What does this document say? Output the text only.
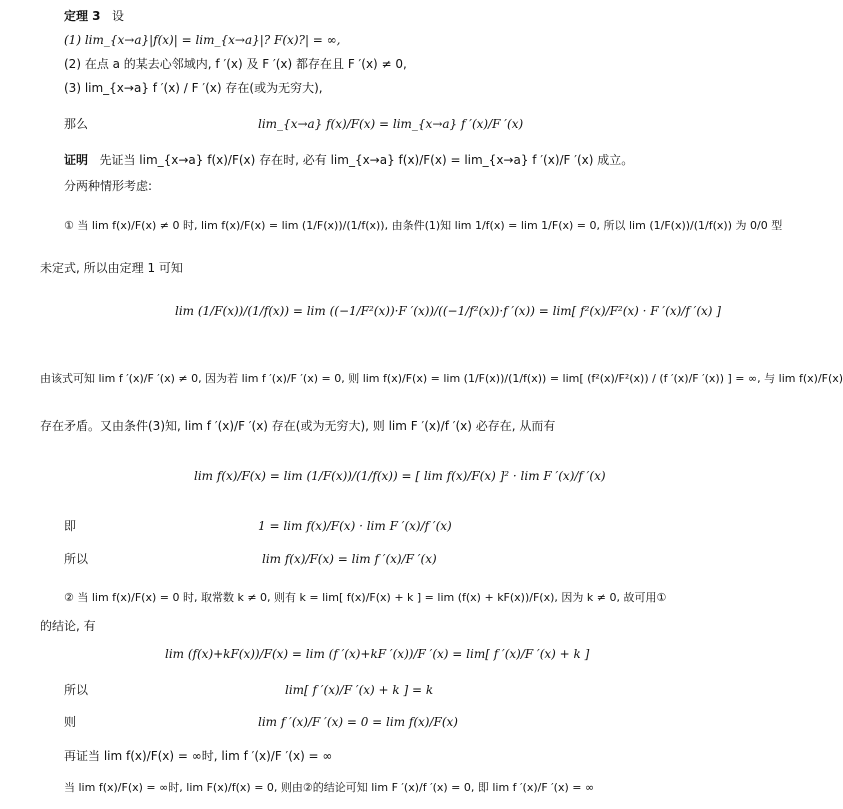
定理 3 设
(1) lim_{x→a}|f(x)| = lim_{x→a}|? F(x)?| = ∞,
(2) 在点 a 的某去心邻域内, f ′(x) 及 F ′(x) 都存在且 F ′(x) ≠ 0,
(3) lim_{x→a} f ′(x) / F ′(x) 存在(或为无穷大),
那么	lim_{x→a} f(x)/F(x) = lim_{x→a} f ′(x)/F ′(x)
证明 先证当 lim_{x→a} f(x)/F(x) 存在时, 必有 lim_{x→a} f(x)/F(x) = lim_{x→a} f ′(x)/F ′(x) 成立。
分两种情形考虑:
① 当 lim f(x)/F(x) ≠ 0 时, lim f(x)/F(x) = lim (1/F(x))/(1/f(x)), 由条件(1)知 lim 1/f(x) = lim 1/F(x) = 0, 所以 lim (1/F(x))/(1/f(x)) 为 0/0 型
未定式, 所以由定理 1 可知
lim (1/F(x))/(1/f(x)) = lim ((−1/F²(x))·F ′(x))/((−1/f²(x))·f ′(x)) = lim[ f²(x)/F²(x) · F ′(x)/f ′(x) ]
由该式可知 lim f ′(x)/F ′(x) ≠ 0, 因为若 lim f ′(x)/F ′(x) = 0, 则 lim f(x)/F(x) = lim (1/F(x))/(1/f(x)) = lim[ (f²(x)/F²(x)) / (f ′(x)/F ′(x)) ] = ∞, 与 lim f(x)/F(x)
存在矛盾。又由条件(3)知, lim f ′(x)/F ′(x) 存在(或为无穷大), 则 lim F ′(x)/f ′(x) 必存在, 从而有
lim f(x)/F(x) = lim (1/F(x))/(1/f(x)) = [ lim f(x)/F(x) ]² · lim F ′(x)/f ′(x)
即	1 = lim f(x)/F(x) · lim F ′(x)/f ′(x)
所以	lim f(x)/F(x) = lim f ′(x)/F ′(x)
② 当 lim f(x)/F(x) = 0 时, 取常数 k ≠ 0, 则有 k = lim[ f(x)/F(x) + k ] = lim (f(x) + kF(x))/F(x), 因为 k ≠ 0, 故可用①
的结论, 有
lim (f(x)+kF(x))/F(x) = lim (f ′(x)+kF ′(x))/F ′(x) = lim[ f ′(x)/F ′(x) + k ]
所以	lim[ f ′(x)/F ′(x) + k ] = k
则	lim f ′(x)/F ′(x) = 0 = lim f(x)/F(x)
再证当 lim f(x)/F(x) = ∞时, lim f ′(x)/F ′(x) = ∞
当 lim f(x)/F(x) = ∞时, lim F(x)/f(x) = 0, 则由②的结论可知 lim F ′(x)/f ′(x) = 0, 即 lim f ′(x)/F ′(x) = ∞
